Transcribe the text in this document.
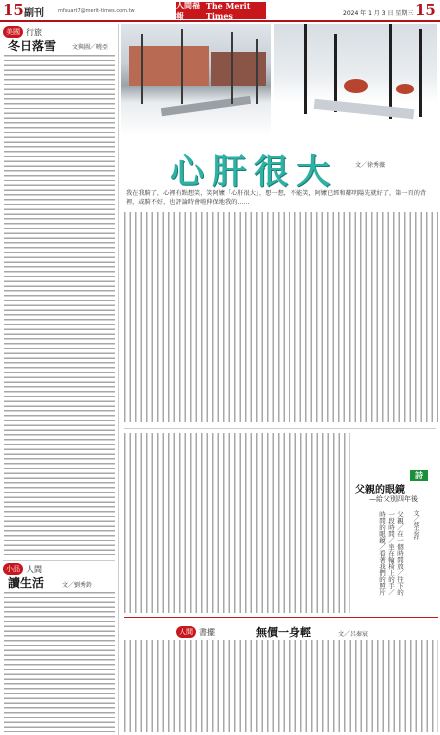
15 副刊	mfsuart7@merit-times.com.tw
人間福報
The Merit Times	2024 年 1 月 3 日 星期三 15
美國 行旅
冬日落雪	文與圖／曉亞
小品 人間
讀生活	文／劉秀鈴
心肝很大	文／徐秀薇
我在我騎了，心裡有點想笑，笑阿嬤「心肝很大」，想一想，不能笑，阿嬤已經和鄰明陽先就好了，第一頁的背裡，或騎不好，也評論時會啦伸保地我的……
詩
父親的眼鏡
—給父別四年後
文／蔡志祥
父親／在一個時間放／往下的一段時間／坐在輪椅上的手／時間的眼鏡／看著我們的照片
人間 書擺	無價一身輕	文／呂秦宸
